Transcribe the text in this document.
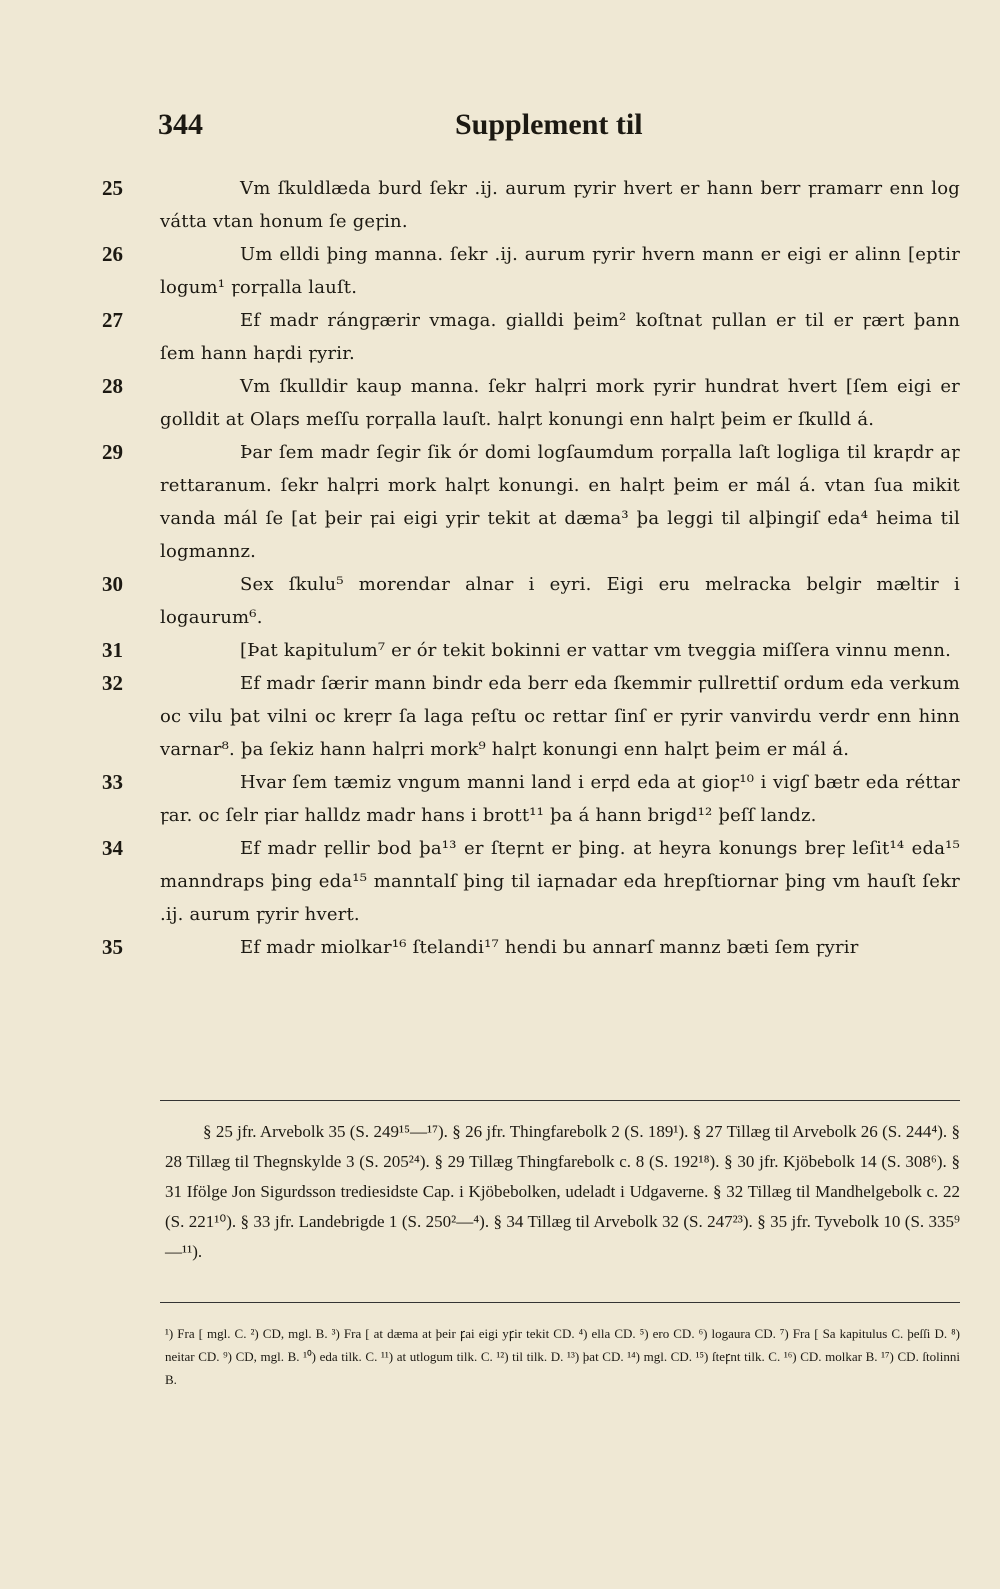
344	Supplement til
25	Vm ſkuldlæda burd ſekr .ij. aurum ꝼyrir hvert er hann berr ꝼramarr enn log vátta vtan honum ſe geꝼin.

26	Um elldi þing manna. ſekr .ij. aurum ꝼyrir hvern mann er eigi er alinn [eptir logum¹ ꝼorꝼalla lauſt.

27	Ef madr rángꝼærir vmaga. gialldi þeim² koſtnat ꝼullan er til er ꝼært þann ſem hann haꝼdi ꝼyrir.

28	Vm ſkulldir kaup manna. ſekr halꝼri mork ꝼyrir hundrat hvert [ſem eigi er golldit at Olaꝼs meſſu ꝼorꝼalla lauſt. halꝼt konungi enn halꝼt þeim er ſkulld á.

29	Þar ſem madr ſegir ſik ór domi logſaumdum ꝼorꝼalla laſt logliga til kraꝼdr aꝼ rettaranum. ſekr halꝼri mork halꝼt konungi. en halꝼt þeim er mál á. vtan ſua mikit vanda mál ſe [at þeir ꝼai eigi yꝼir tekit at dæma³ þa leggi til alþingiſ eda⁴ heima til logmannz.

30	Sex ſkulu⁵ morendar alnar i eyri. Eigi eru melracka belgir mæltir i logaurum⁶.

31	[Þat kapitulum⁷ er ór tekit bokinni er vattar vm tveggia miſſera vinnu menn.

32	Ef madr ſærir mann bindr eda berr eda ſkemmir ꝼullrettiſ ordum eda verkum oc vilu þat vilni oc kreꝼr ſa laga ꝼeſtu oc rettar ſinſ er ꝼyrir vanvirdu verdr enn hinn varnar⁸. þa ſekiz hann halꝼri mork⁹ halꝼt konungi enn halꝼt þeim er mál á.

33	Hvar ſem tæmiz vngum manni land i erꝼd eda at gioꝼ¹⁰ i vigſ bætr eda réttar ꝼar. oc ſelr ꝼiar halldz madr hans i brott¹¹ þa á hann brigd¹² þeſſ landz.

34	Ef madr ꝼellir bod þa¹³ er ſteꝼnt er þing. at heyra konungs breꝼ leſit¹⁴ eda¹⁵ manndraps þing eda¹⁵ manntalſ þing til iaꝼnadar eda hrepſtiornar þing vm hauſt ſekr .ij. aurum ꝼyrir hvert.

35	Ef madr miolkar¹⁶ ſtelandi¹⁷ hendi bu annarſ mannz bæti ſem ꝼyrir

§ 25 jfr. Arvebolk 35 (S. 249¹⁵—¹⁷). § 26 jfr. Thingfarebolk 2 (S. 189¹). § 27 Tillæg til Arvebolk 26 (S. 244⁴). § 28 Tillæg til Thegnskylde 3 (S. 205²⁴). § 29 Tillæg Thingfarebolk c. 8 (S. 192¹⁸). § 30 jfr. Kjöbebolk 14 (S. 308⁶). § 31 Ifölge Jon Sigurdsson trediesidste Cap. i Kjöbebolken, udeladt i Udgaverne. § 32 Tillæg til Mandhelgebolk c. 22 (S. 221¹⁰). § 33 jfr. Landebrigde 1 (S. 250²—⁴). § 34 Tillæg til Arvebolk 32 (S. 247²³). § 35 jfr. Tyvebolk 10 (S. 335⁹—¹¹).

¹) Fra [ mgl. C. ²) CD, mgl. B. ³) Fra [ at dæma at þeir ꝼai eigi yꝼir tekit CD. ⁴) ella CD. ⁵) ero CD. ⁶) logaura CD. ⁷) Fra [ Sa kapitulus C. þeſſi D. ⁸) neitar CD. ⁹) CD, mgl. B. ¹⁰) eda tilk. C. ¹¹) at utlogum tilk. C. ¹²) til tilk. D. ¹³) þat CD. ¹⁴) mgl. CD. ¹⁵) ſteꝼnt tilk. C. ¹⁶) CD. molkar B. ¹⁷) CD. ſtolinni B.
